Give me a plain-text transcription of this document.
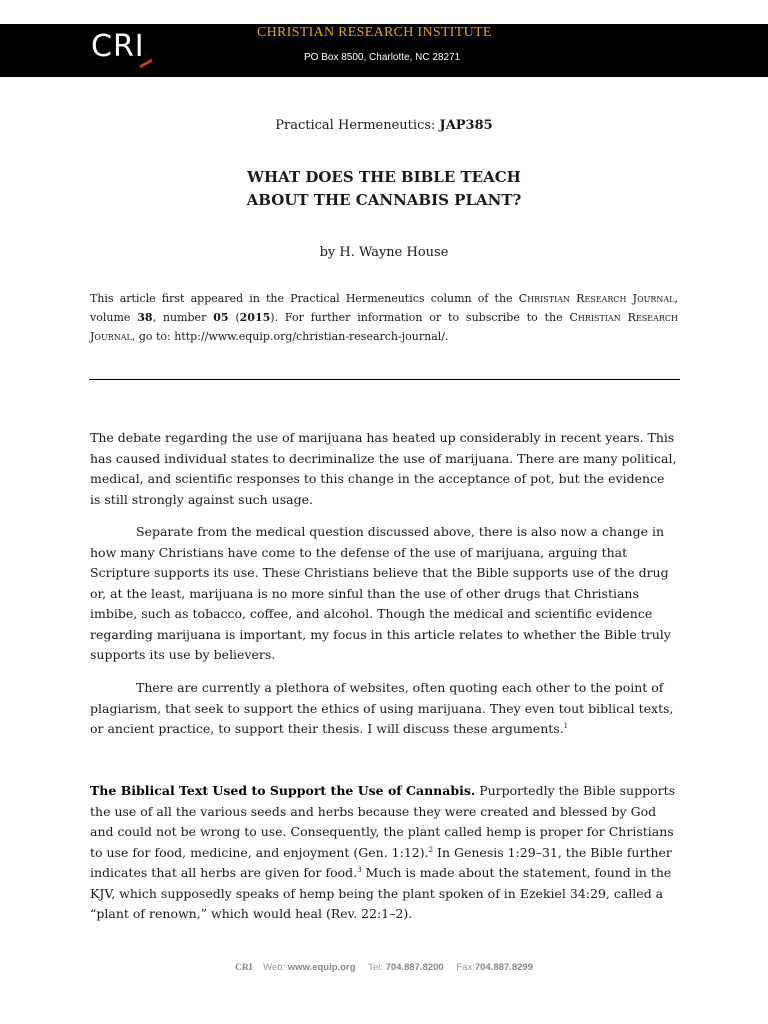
CRI	CHRISTIAN RESEARCH INSTITUTE
PO Box 8500, Charlotte, NC 28271
Practical Hermeneutics: JAP385
WHAT DOES THE BIBLE TEACH
ABOUT THE CANNABIS PLANT?
by H. Wayne House
This article first appeared in the Practical Hermeneutics column of the Christian Research Journal, volume 38, number 05 (2015). For further information or to subscribe to the Christian Research Journal, go to: http://www.equip.org/christian-research-journal/.
The debate regarding the use of marijuana has heated up considerably in recent years. This has caused individual states to decriminalize the use of marijuana. There are many political, medical, and scientific responses to this change in the acceptance of pot, but the evidence is still strongly against such usage.
Separate from the medical question discussed above, there is also now a change in how many Christians have come to the defense of the use of marijuana, arguing that Scripture supports its use. These Christians believe that the Bible supports use of the drug or, at the least, marijuana is no more sinful than the use of other drugs that Christians imbibe, such as tobacco, coffee, and alcohol. Though the medical and scientific evidence regarding marijuana is important, my focus in this article relates to whether the Bible truly supports its use by believers.
There are currently a plethora of websites, often quoting each other to the point of plagiarism, that seek to support the ethics of using marijuana. They even tout biblical texts, or ancient practice, to support their thesis. I will discuss these arguments.$^1$
The Biblical Text Used to Support the Use of Cannabis. Purportedly the Bible supports the use of all the various seeds and herbs because they were created and blessed by God and could not be wrong to use. Consequently, the plant called hemp is proper for Christians to use for food, medicine, and enjoyment (Gen. 1:12).$^2$ In Genesis 1:29–31, the Bible further indicates that all herbs are given for food.$^3$ Much is made about the statement, found in the KJV, which supposedly speaks of hemp being the plant spoken of in Ezekiel 34:29, called a “plant of renown,” which would heal (Rev. 22:1–2).
CRI Web: www.equip.org Tel: 704.887.8200 Fax:704.887.8299
